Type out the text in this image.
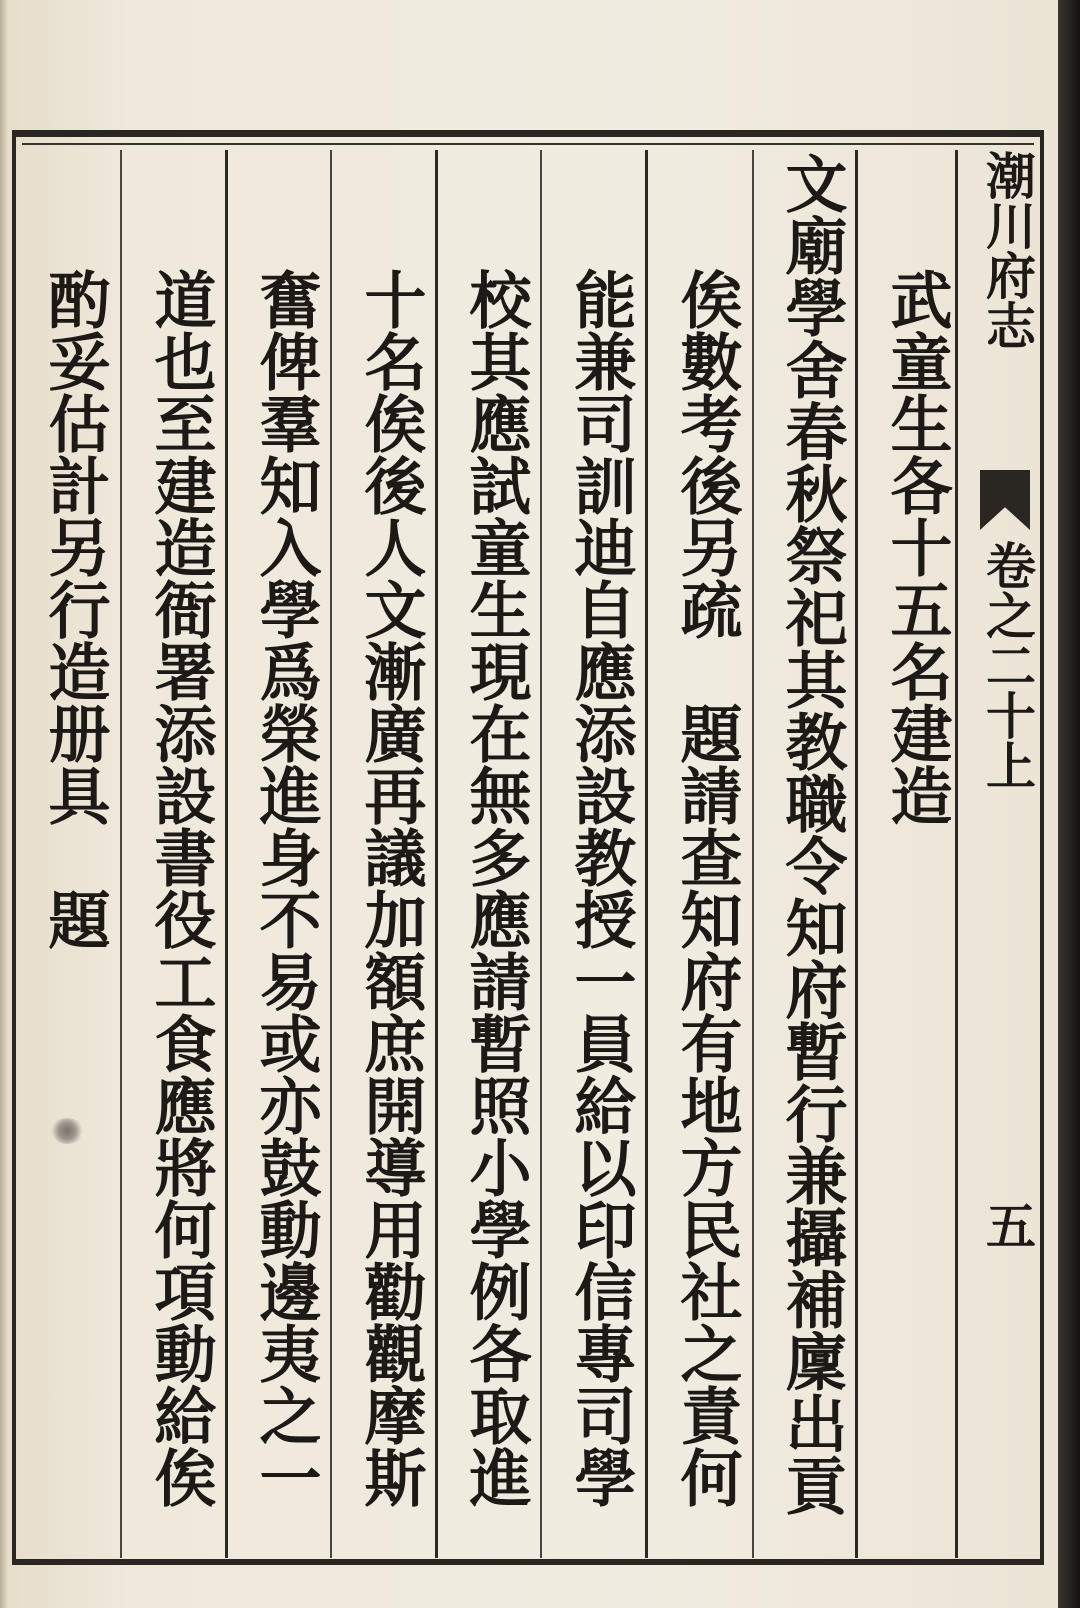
潮川府志
卷之二十上
五
武童生各十五名建造
文廟學舍春秋祭祀其教職令知府暫行兼攝補廩出貢
俟數考後另疏　題請查知府有地方民社之責何
能兼司訓迪自應添設教授一員給以印信專司學
校其應試童生現在無多應請暫照小學例各取進
十名俟後人文漸廣再議加額庶開導用勸觀摩斯
奮俾羣知入學爲榮進身不易或亦鼓動邊夷之一
道也至建造衙署添設書役工食應將何項動給俟
酌妥估計另行造册具　題
